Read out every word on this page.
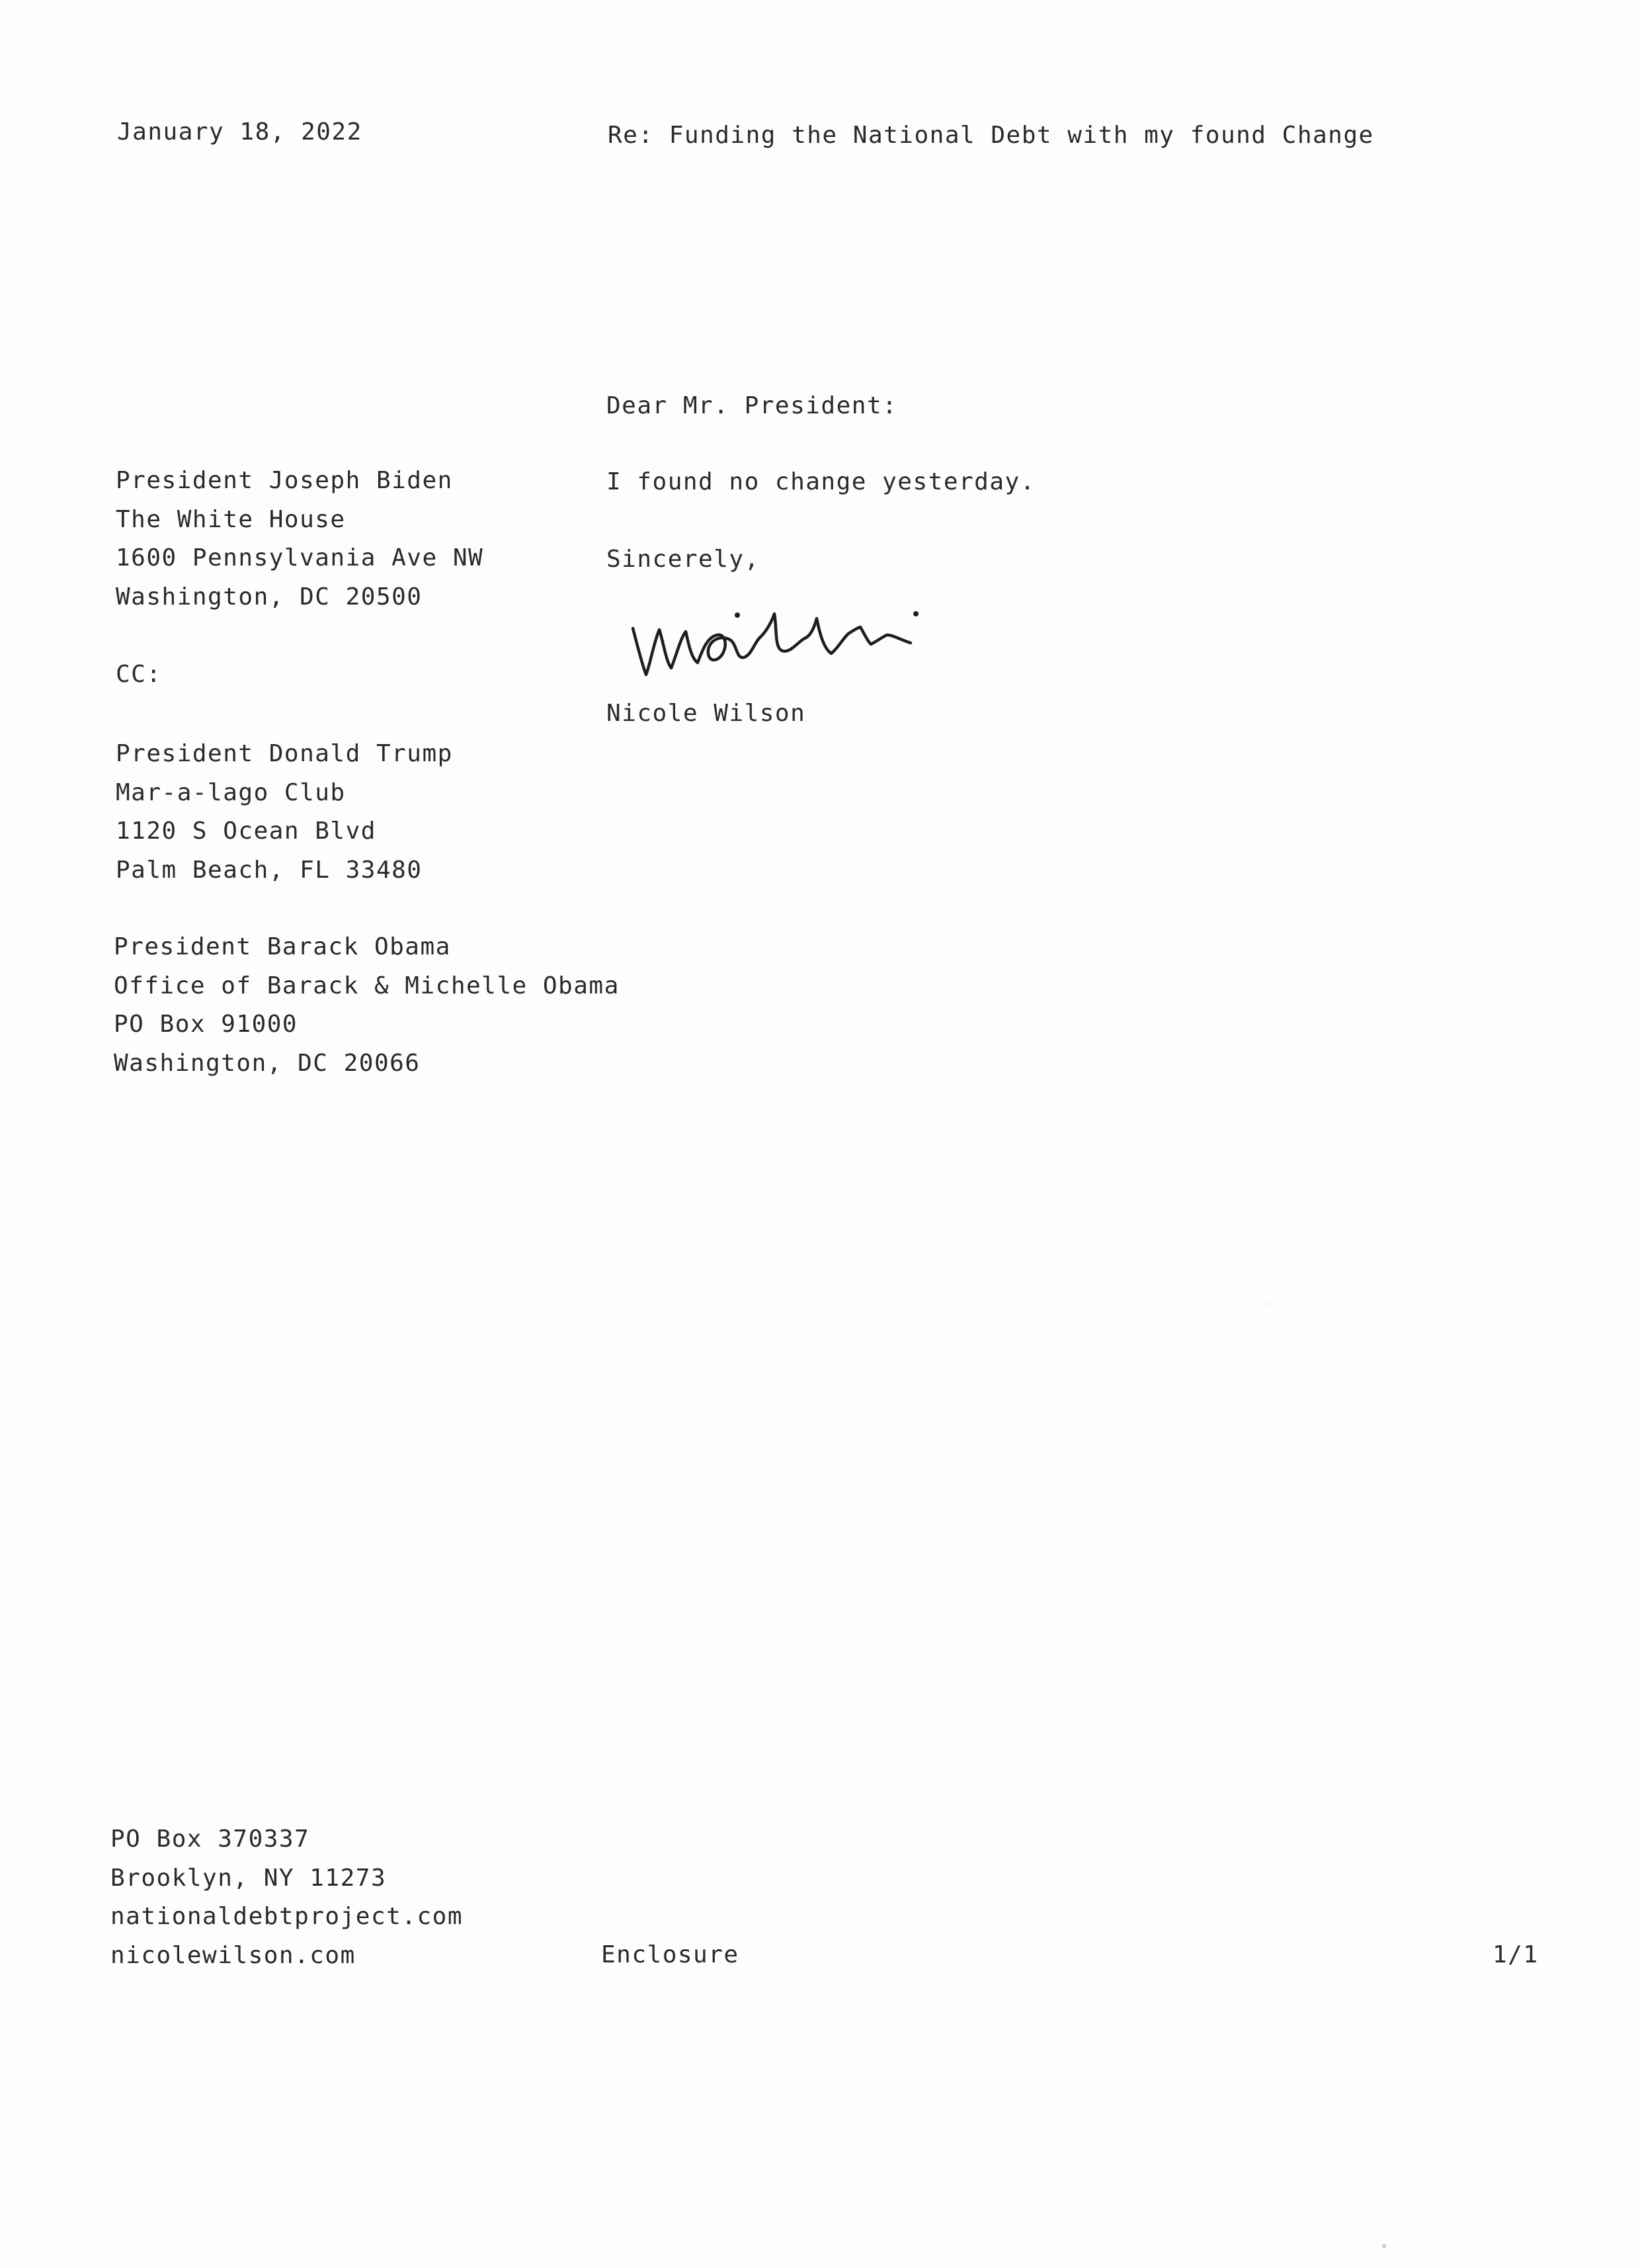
January 18, 2022	Re: Funding the National Debt with my found Change
Dear Mr. President:
I found no change yesterday.
Sincerely,
Nicole Wilson
Nicole Wilson
President Joseph Biden
The White House
1600 Pennsylvania Ave NW
Washington, DC 20500
CC:
President Donald Trump
Mar-a-lago Club
1120 S Ocean Blvd
Palm Beach, FL 33480
President Barack Obama
Office of Barack & Michelle Obama
PO Box 91000
Washington, DC 20066
PO Box 370337
Brooklyn, NY 11273
nationaldebtproject.com
nicolewilson.com	Enclosure	1/1
